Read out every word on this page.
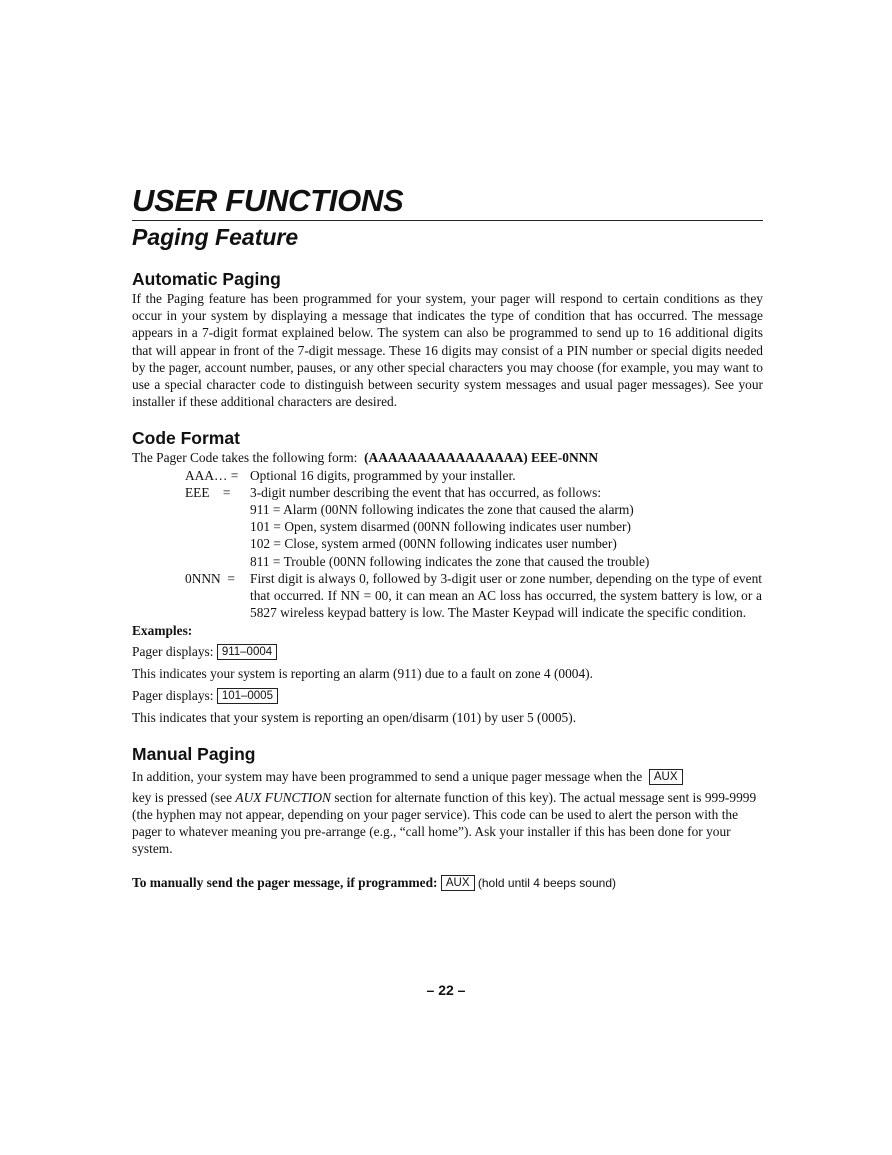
USER FUNCTIONS
Paging Feature
Automatic Paging

If the Paging feature has been programmed for your system, your pager will respond to certain conditions as they occur in your system by displaying a message that indicates the type of condition that has occurred. The message appears in a 7-digit format explained below. The system can also be programmed to send up to 16 additional digits that will appear in front of the 7-digit message. These 16 digits may consist of a PIN number or special digits needed by the pager, account number, pauses, or any other special characters you may choose (for example, you may want to use a special character code to distinguish between security system messages and usual pager messages). See your installer if these additional characters are desired.

Code Format

The Pager Code takes the following form: (AAAAAAAAAAAAAAAA) EEE-0NNN

AAA… = Optional 16 digits, programmed by your installer.
EEE    =	3-digit number describing the event that has occurred, as follows:
911 = Alarm (00NN following indicates the zone that caused the alarm)
101 = Open, system disarmed (00NN following indicates user number)
102 = Close, system armed (00NN following indicates user number)
811 = Trouble (00NN following indicates the zone that caused the trouble)
0NNN  =	First digit is always 0, followed by 3-digit user or zone number, depending on the type of event that occurred. If NN = 00, it can mean an AC loss has occurred, the system battery is low, or a 5827 wireless keypad battery is low. The Master Keypad will indicate the specific condition.

Examples:

Pager displays: 911–0004

This indicates your system is reporting an alarm (911) due to a fault on zone 4 (0004).

Pager displays: 101–0005

This indicates that your system is reporting an open/disarm (101) by user 5 (0005).

Manual Paging

In addition, your system may have been programmed to send a unique pager message when the AUX

key is pressed (see AUX FUNCTION section for alternate function of this key). The actual message sent is 999-9999 (the hyphen may not appear, depending on your pager service). This code can be used to alert the person with the pager to whatever meaning you pre-arrange (e.g., “call home”). Ask your installer if this has been done for your system.

To manually send the pager message, if programmed: AUX (hold until 4 beeps sound)

– 22 –
